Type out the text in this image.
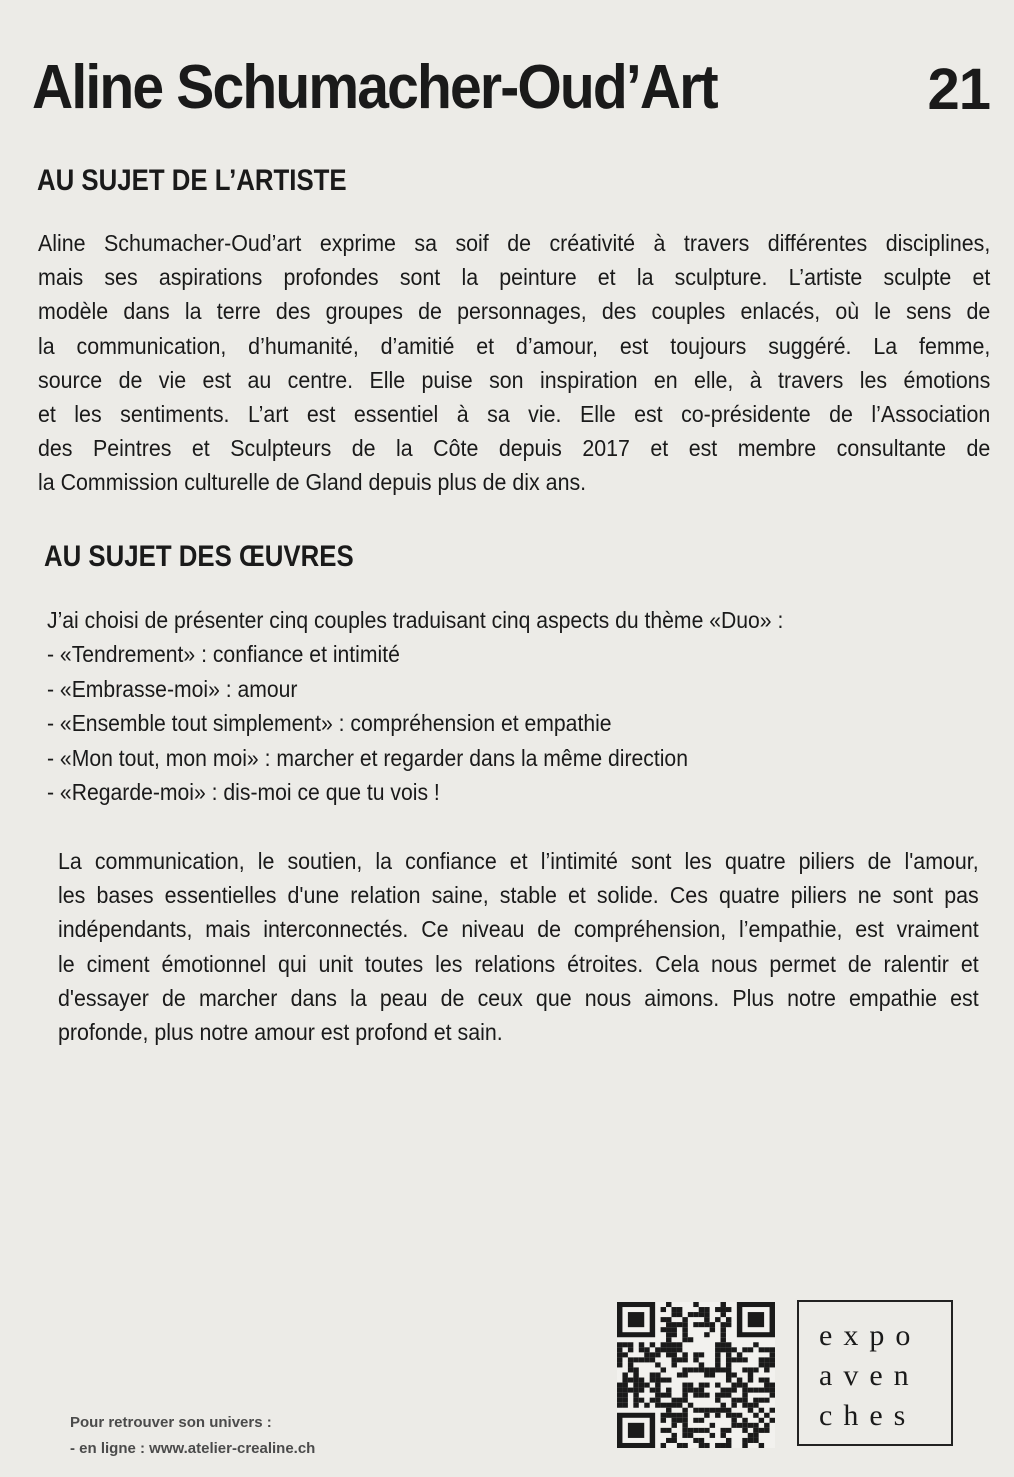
Aline Schumacher-Oud’Art	21
AU SUJET DE L’ARTISTE
Aline Schumacher-Oud’art exprime sa soif de créativité à travers différentes disciplines,
mais ses aspirations profondes sont la peinture et la sculpture. L’artiste sculpte et
modèle dans la terre des groupes de personnages, des couples enlacés, où le sens de
la communication, d’humanité, d’amitié et d’amour, est toujours suggéré. La femme,
source de vie est au centre. Elle puise son inspiration en elle, à travers les émotions
et les sentiments. L’art est essentiel à sa vie. Elle est co-présidente de l’Association
des Peintres et Sculpteurs de la Côte depuis 2017 et est membre consultante de
la Commission culturelle de Gland depuis plus de dix ans.
AU SUJET DES ŒUVRES
J’ai choisi de présenter cinq couples traduisant cinq aspects du thème «Duo» :
- «Tendrement» : confiance et intimité
- «Embrasse-moi» : amour
- «Ensemble tout simplement» : compréhension et empathie
- «Mon tout, mon moi» : marcher et regarder dans la même direction
- «Regarde-moi» : dis-moi ce que tu vois !
La communication, le soutien, la confiance et l’intimité sont les quatre piliers de l'amour,
les bases essentielles d'une relation saine, stable et solide. Ces quatre piliers ne sont pas
indépendants, mais interconnectés. Ce niveau de compréhension, l’empathie, est vraiment
le ciment émotionnel qui unit toutes les relations étroites. Cela nous permet de ralentir et
d'essayer de marcher dans la peau de ceux que nous aimons. Plus notre empathie est
profonde, plus notre amour est profond et sain.
Pour retrouver son univers :
- en ligne : www.atelier-crealine.ch
expo
aven
ches
